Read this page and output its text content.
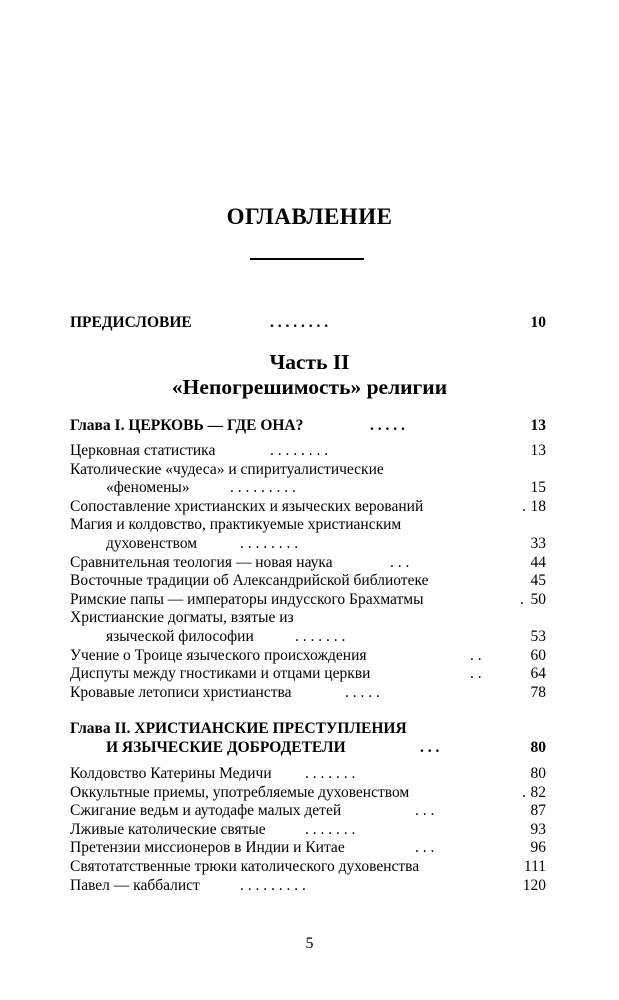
ОГЛАВЛЕНИЕ
ПРЕДИСЛОВИЕ	. . . . . . . .	10
Часть II
«Непогрешимость» религии
Глава I. ЦЕРКОВЬ — ГДЕ ОНА?	. . . . .	13
Церковная статистика	. . . . . . . .	13
Католические «чудеса» и спиритуалистические
«феномены»	. . . . . . . . .	15
Сопоставление христианских и языческих верований	. 18
Магия и колдовство, практикуемые христианским
духовенством	. . . . . . . .	33
Сравнительная теология — новая наука	. . .	44
Восточные традиции об Александрийской библиотеке	45
Римские папы — императоры индусского Брахматмы	. 50
Христианские догматы, взятые из
языческой философии	. . . . . . .	53
Учение о Троице языческого происхождения	. .	60
Диспуты между гностиками и отцами церкви	. .	64
Кровавые летописи христианства	. . . . .	78
Глава II. ХРИСТИАНСКИЕ ПРЕСТУПЛЕНИЯ
И ЯЗЫЧЕСКИЕ ДОБРОДЕТЕЛИ	. . .	80
Колдовство Катерины Медичи . . . . . . .	80
Оккультные приемы, употребляемые духовенством	. 82
Сжигание ведьм и аутодафе малых детей	. . .	87
Лживые католические святые	. . . . . . .	93
Претензии миссионеров в Индии и Китае	. . .	96
Святотатственные трюки католического духовенства	111
Павел — каббалист	. . . . . . . . .	120
5
